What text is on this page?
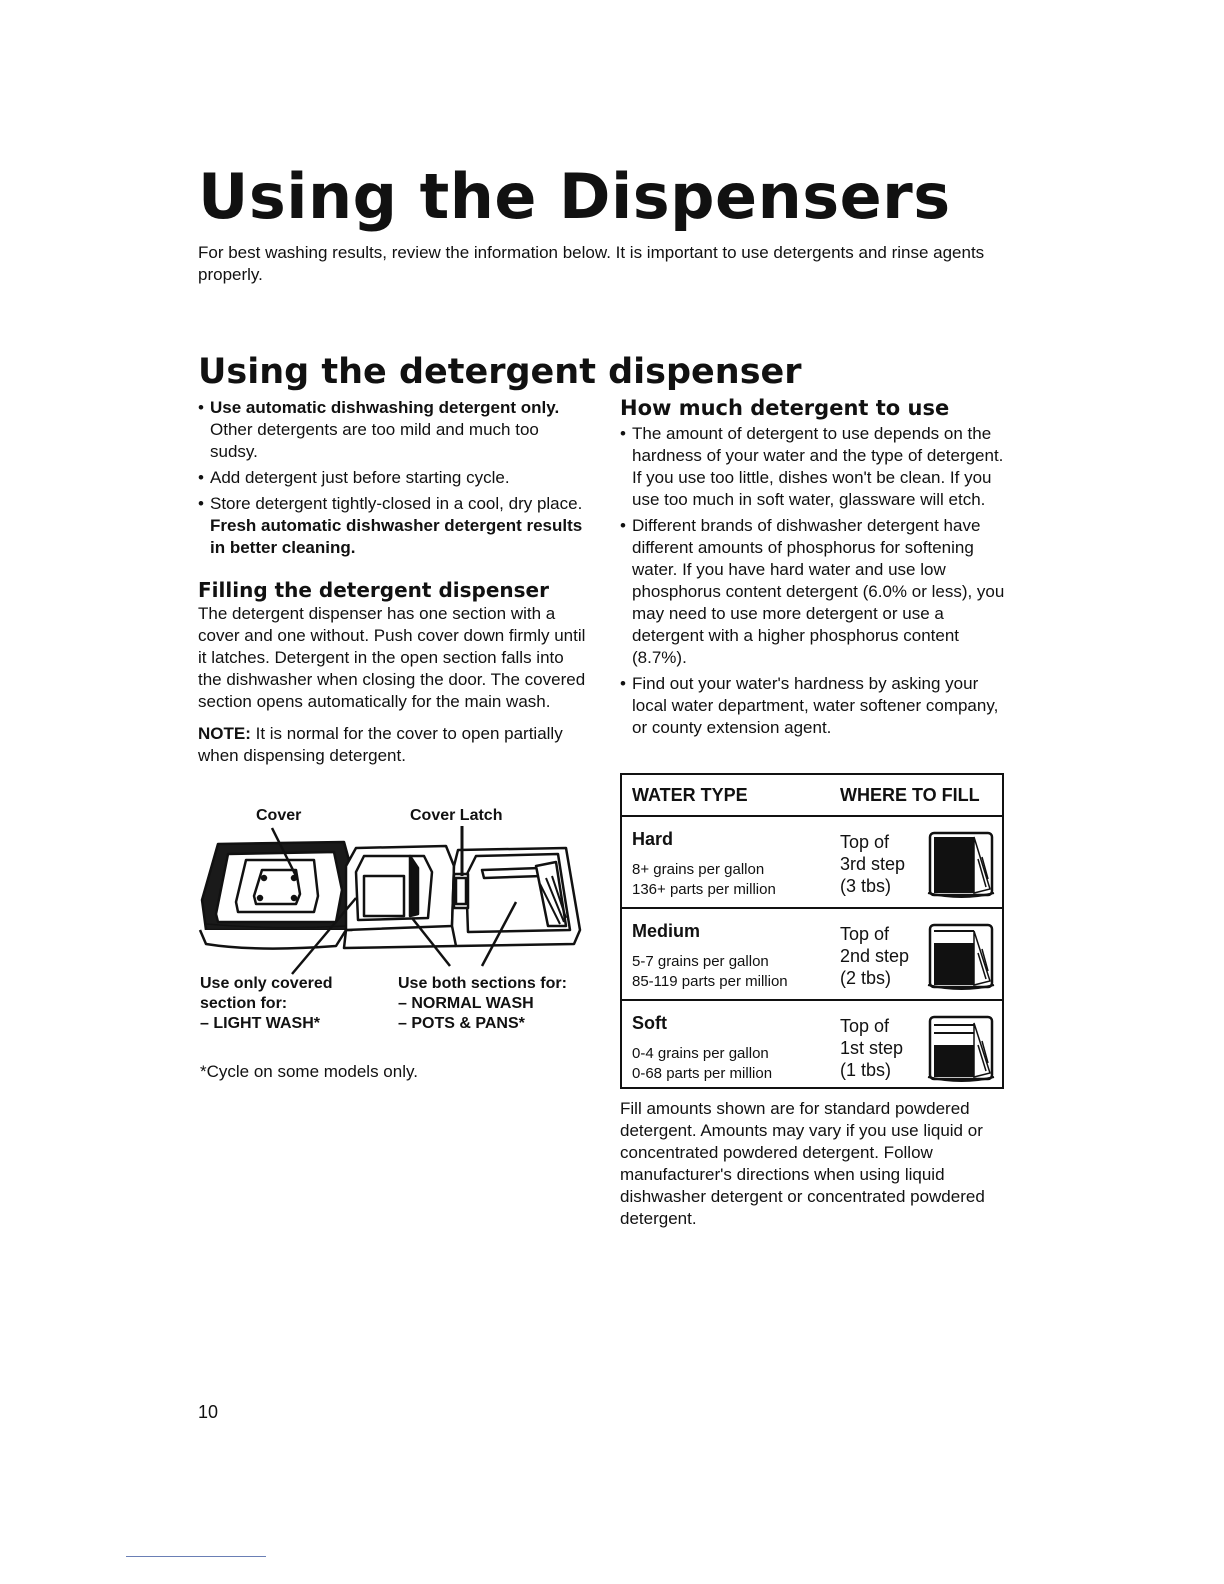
Using the Dispensers

For best washing results, review the information below. It is important to use detergents and rinse agents properly.

Using the detergent dispenser
• Use automatic dishwashing detergent only. Other detergents are too mild and much too sudsy.
• Add detergent just before starting cycle.
• Store detergent tightly-closed in a cool, dry place. Fresh automatic dishwasher detergent results in better cleaning.
Filling the detergent dispenser

The detergent dispenser has one section with a cover and one without. Push cover down firmly until it latches. Detergent in the open section falls into the dishwasher when closing the door. The covered section opens automatically for the main wash.

NOTE: It is normal for the cover to open partially when dispensing detergent.

Cover	Cover Latch
Use only covered
section for:
– LIGHT WASH*
Use both sections for:
– NORMAL WASH
– POTS & PANS*
*Cycle on some models only.
How much detergent to use
• The amount of detergent to use depends on the hardness of your water and the type of detergent. If you use too little, dishes won't be clean. If you use too much in soft water, glassware will etch.
• Different brands of dishwasher detergent have different amounts of phosphorus for softening water. If you have hard water and use low phosphorus content detergent (6.0% or less), you may need to use more detergent or use a detergent with a higher phosphorus content (8.7%).
• Find out your water's hardness by asking your local water department, water softener company, or county extension agent.
WATER TYPE	WHERE TO FILL
Hard
8+ grains per gallon
136+ parts per million
Top of
3rd step
(3 tbs)
Medium
5-7 grains per gallon
85-119 parts per million
Top of
2nd step
(2 tbs)
Soft
0-4 grains per gallon
0-68 parts per million
Top of
1st step
(1 tbs)

Fill amounts shown are for standard powdered detergent. Amounts may vary if you use liquid or concentrated powdered detergent. Follow manufacturer's directions when using liquid dishwasher detergent or concentrated powdered detergent.

10
